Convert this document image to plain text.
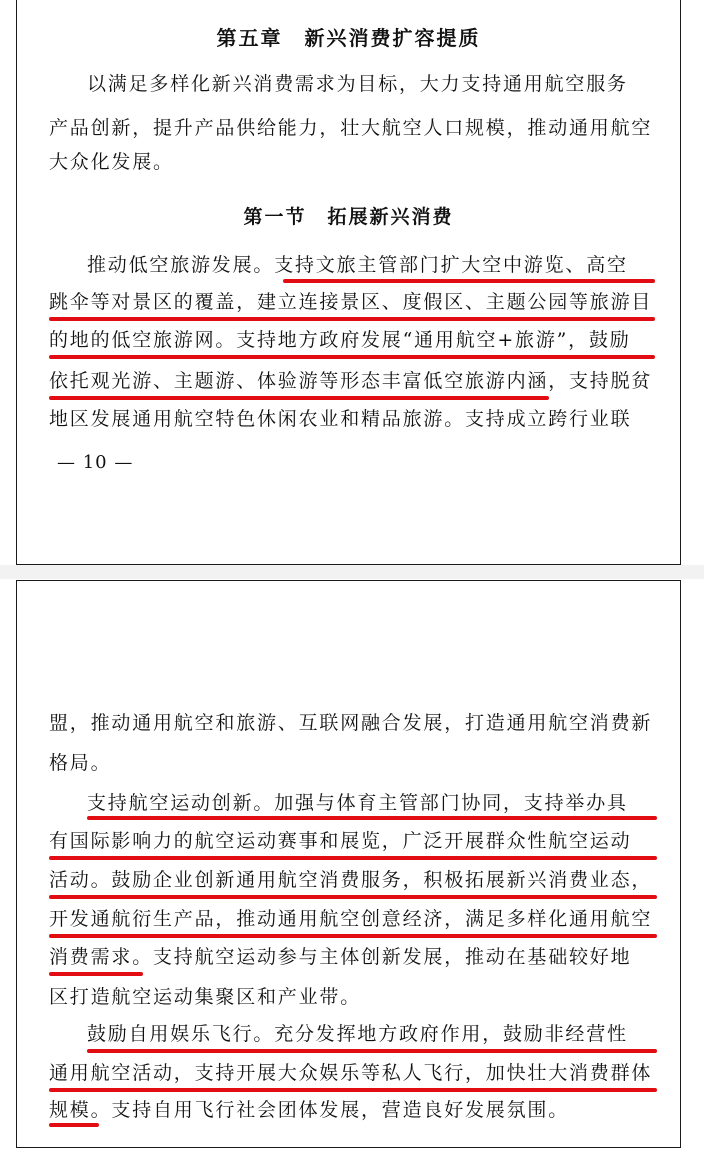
第五章　新兴消费扩容提质

以满足多样化新兴消费需求为目标，大力支持通用航空服务

产品创新，提升产品供给能力，壮大航空人口规模，推动通用航空

大众化发展。

第一节　拓展新兴消费

推动低空旅游发展。支持文旅主管部门扩大空中游览、高空

跳伞等对景区的覆盖，建立连接景区、度假区、主题公园等旅游目

的地的低空旅游网。支持地方政府发展“通用航空+旅游”，鼓励

依托观光游、主题游、体验游等形态丰富低空旅游内涵，支持脱贫

地区发展通用航空特色休闲农业和精品旅游。支持成立跨行业联

— 10 —

盟，推动通用航空和旅游、互联网融合发展，打造通用航空消费新

格局。

支持航空运动创新。加强与体育主管部门协同，支持举办具

有国际影响力的航空运动赛事和展览，广泛开展群众性航空运动

活动。鼓励企业创新通用航空消费服务，积极拓展新兴消费业态，

开发通航衍生产品，推动通用航空创意经济，满足多样化通用航空

消费需求。支持航空运动参与主体创新发展，推动在基础较好地

区打造航空运动集聚区和产业带。

鼓励自用娱乐飞行。充分发挥地方政府作用，鼓励非经营性

通用航空活动，支持开展大众娱乐等私人飞行，加快壮大消费群体

规模。支持自用飞行社会团体发展，营造良好发展氛围。
